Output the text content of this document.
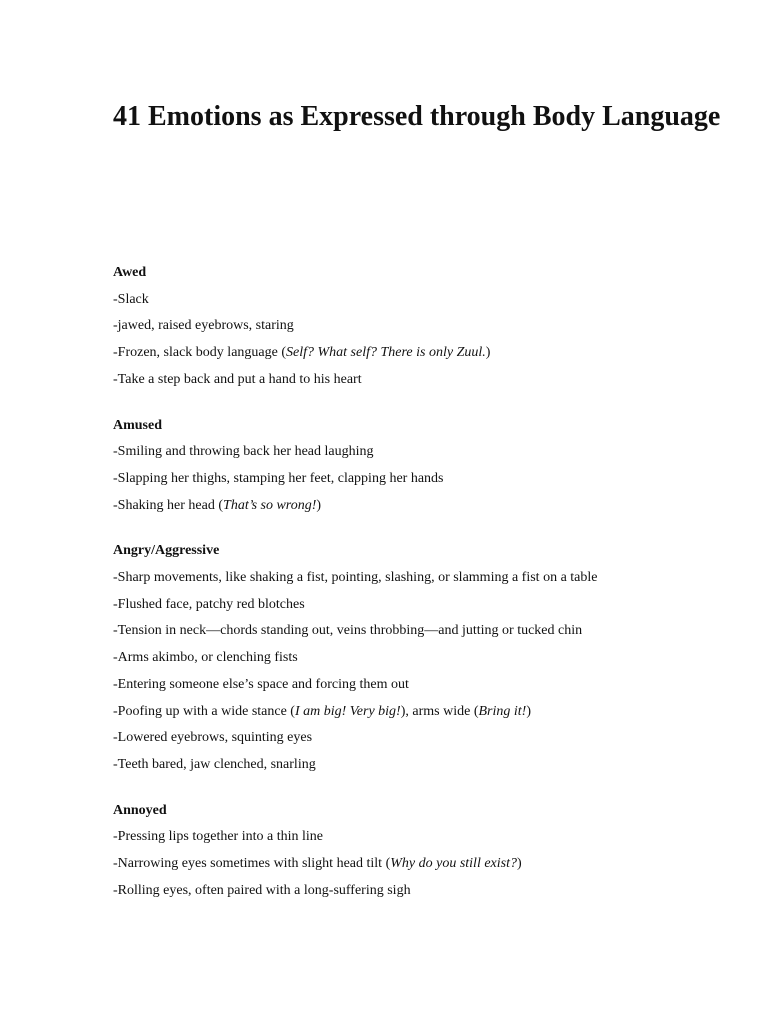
41 Emotions as Expressed through Body Language

Awed

-Slack

-jawed, raised eyebrows, staring

-Frozen, slack body language (Self? What self? There is only Zuul.)

-Take a step back and put a hand to his heart

Amused

-Smiling and throwing back her head laughing

-Slapping her thighs, stamping her feet, clapping her hands

-Shaking her head (That’s so wrong!)

Angry/Aggressive

-Sharp movements, like shaking a fist, pointing, slashing, or slamming a fist on a table

-Flushed face, patchy red blotches

-Tension in neck—chords standing out, veins throbbing—and jutting or tucked chin

-Arms akimbo, or clenching fists

-Entering someone else’s space and forcing them out

-Poofing up with a wide stance (I am big! Very big!), arms wide (Bring it!)

-Lowered eyebrows, squinting eyes

-Teeth bared, jaw clenched, snarling

Annoyed

-Pressing lips together into a thin line

-Narrowing eyes sometimes with slight head tilt (Why do you still exist?)

-Rolling eyes, often paired with a long-suffering sigh
